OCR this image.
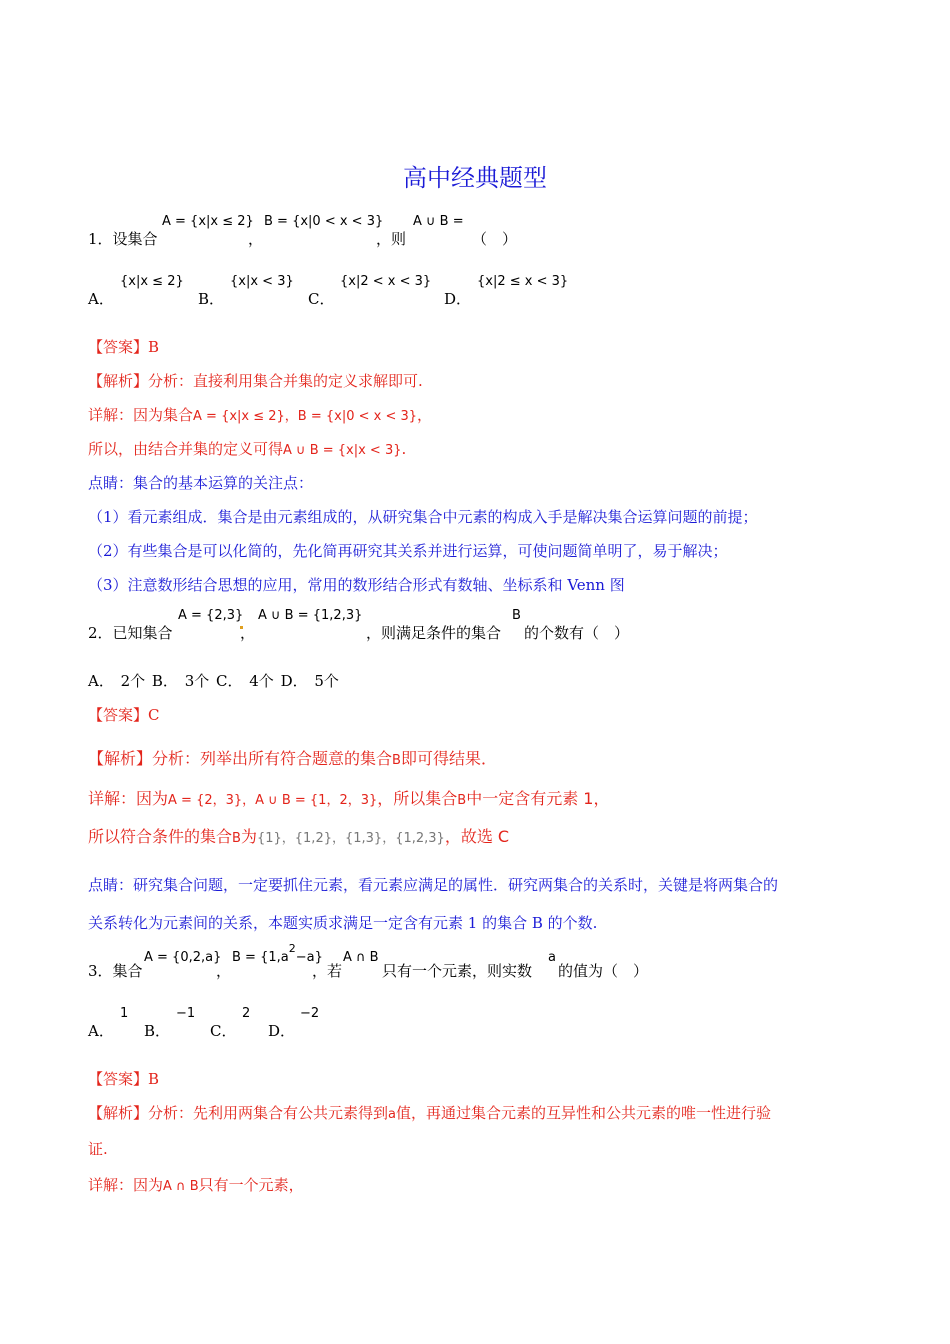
高中经典题型
1．设集合
A = {x|x ≤ 2}
，
B = {x|0 < x < 3}
，则
A ∪ B =
（　）
A．
{x|x ≤ 2}
B．
{x|x < 3}
C．
{x|2 < x < 3}
D．
{x|2 ≤ x < 3}
【答案】B
【解析】分析：直接利用集合并集的定义求解即可.
详解：因为集合A = {x|x ≤ 2}，B = {x|0 < x < 3}，
所以，由结合并集的定义可得A ∪ B = {x|x < 3}.
点睛：集合的基本运算的关注点：
（1）看元素组成．集合是由元素组成的，从研究集合中元素的构成入手是解决集合运算问题的前提；
（2）有些集合是可以化简的，先化简再研究其关系并进行运算，可使问题简单明了，易于解决；
（3）注意数形结合思想的应用，常用的数形结合形式有数轴、坐标系和 Venn 图
2．已知集合
A = {2,3}
，
A ∪ B = {1,2,3}
，则满足条件的集合
B
的个数有（　）
A． 2个 B． 3个 C． 4个 D． 5个
【答案】C
【解析】分析：列举出所有符合题意的集合B即可得结果．
详解：因为A = {2，3}，A ∪ B = {1，2，3}，所以集合B中一定含有元素 1，
所以符合条件的集合B为{1}，{1,2}，{1,3}，{1,2,3}，故选 C
点睛：研究集合问题，一定要抓住元素，看元素应满足的属性．研究两集合的关系时，关键是将两集合的
关系转化为元素间的关系，本题实质求满足一定含有元素 1 的集合 B 的个数.
3．集合
A = {0,2,a}
，
$B = \{1,a^2-a\}$
，若
A ∩ B
只有一个元素，则实数
a
的值为（　）
A．
1
B．
−1
C．
2
D．
−2
【答案】B
【解析】分析：先利用两集合有公共元素得到a值，再通过集合元素的互异性和公共元素的唯一性进行验
证.
详解：因为A ∩ B只有一个元素，
